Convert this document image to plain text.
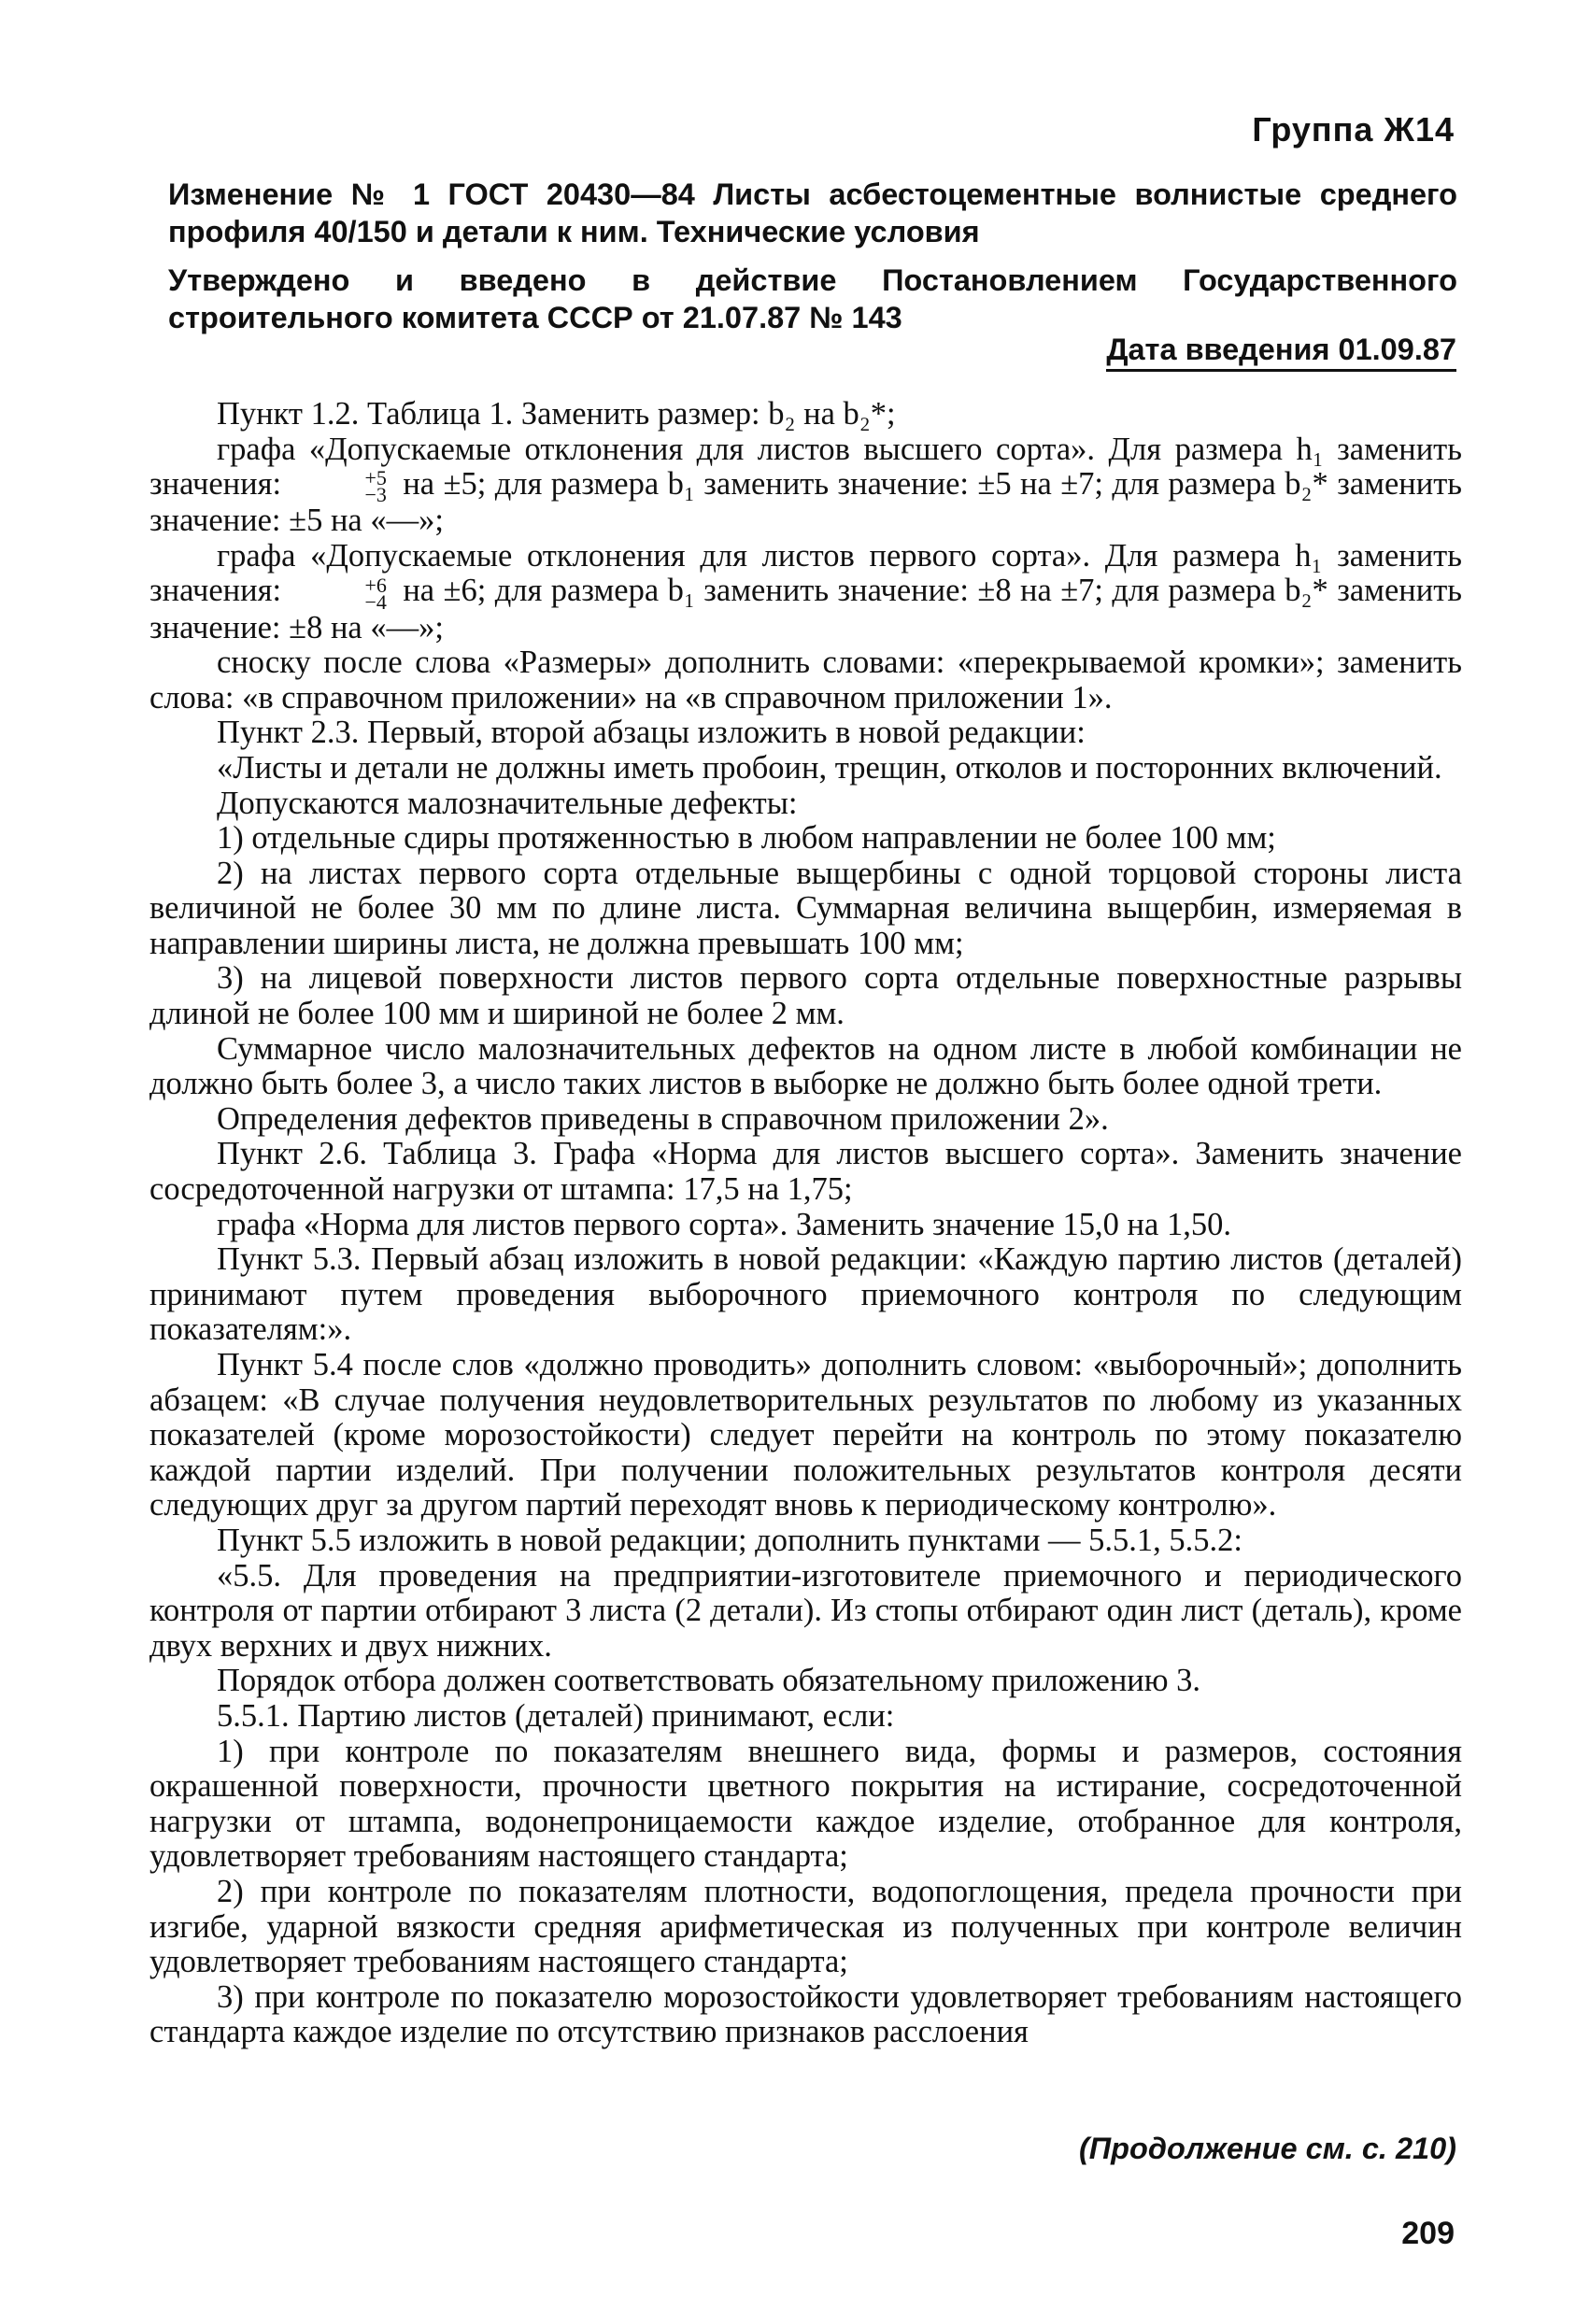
Группа Ж14
Изменение № 1 ГОСТ 20430—84 Листы асбестоцементные волнистые среднего профиля 40/150 и детали к ним. Технические условия
Утверждено и введено в действие Постановлением Государственного строительного комитета СССР от 21.07.87 № 143
Дата введения 01.09.87

Пункт 1.2. Таблица 1. Заменить размер: b₂ на b₂*;

графа «Допускаемые отклонения для листов высшего сорта». Для размера h₁ заменить значения:	+5
−3 на ±5; для размера b₁ заменить значение: ±5 на ±7; для размера b₂* заменить значение: ±5 на «—»;

графа «Допускаемые отклонения для листов первого сорта». Для размера h₁ заменить значения:	+6
−4 на ±6; для размера b₁ заменить значение: ±8 на ±7; для размера b₂* заменить значение: ±8 на «—»;

сноску после слова «Размеры» дополнить словами: «перекрываемой кромки»; заменить слова: «в справочном приложении» на «в справочном приложении 1».

Пункт 2.3. Первый, второй абзацы изложить в новой редакции:

«Листы и детали не должны иметь пробоин, трещин, отколов и посторонних включений.

Допускаются малозначительные дефекты:

1) отдельные сдиры протяженностью в любом направлении не более 100 мм;

2) на листах первого сорта отдельные выщербины с одной торцовой стороны листа величиной не более 30 мм по длине листа. Суммарная величина выщербин, измеряемая в направлении ширины листа, не должна превышать 100 мм;

3) на лицевой поверхности листов первого сорта отдельные поверхностные разрывы длиной не более 100 мм и шириной не более 2 мм.

Суммарное число малозначительных дефектов на одном листе в любой комбинации не должно быть более 3, а число таких листов в выборке не должно быть более одной трети.

Определения дефектов приведены в справочном приложении 2».

Пункт 2.6. Таблица 3. Графа «Норма для листов высшего сорта». Заменить значение сосредоточенной нагрузки от штампа: 17,5 на 1,75;

графа «Норма для листов первого сорта». Заменить значение 15,0 на 1,50.

Пункт 5.3. Первый абзац изложить в новой редакции: «Каждую партию листов (деталей) принимают путем проведения выборочного приемочного контроля по следующим показателям:».

Пункт 5.4 после слов «должно проводить» дополнить словом: «выборочный»; дополнить абзацем: «В случае получения неудовлетворительных результатов по любому из указанных показателей (кроме морозостойкости) следует перейти на контроль по этому показателю каждой партии изделий. При получении положительных результатов контроля десяти следующих друг за другом партий переходят вновь к периодическому контролю».

Пункт 5.5 изложить в новой редакции; дополнить пунктами — 5.5.1, 5.5.2:

«5.5. Для проведения на предприятии-изготовителе приемочного и периодического контроля от партии отбирают 3 листа (2 детали). Из стопы отбирают один лист (деталь), кроме двух верхних и двух нижних.

Порядок отбора должен соответствовать обязательному приложению 3.

5.5.1. Партию листов (деталей) принимают, если:

1) при контроле по показателям внешнего вида, формы и размеров, состояния окрашенной поверхности, прочности цветного покрытия на истирание, сосредоточенной нагрузки от штампа, водонепроницаемости каждое изделие, отобранное для контроля, удовлетворяет требованиям настоящего стандарта;

2) при контроле по показателям плотности, водопоглощения, предела прочности при изгибе, ударной вязкости средняя арифметическая из полученных при контроле величин удовлетворяет требованиям настоящего стандарта;

3) при контроле по показателю морозостойкости удовлетворяет требованиям настоящего стандарта каждое изделие по отсутствию признаков расслоения

(Продолжение см. с. 210)
209
